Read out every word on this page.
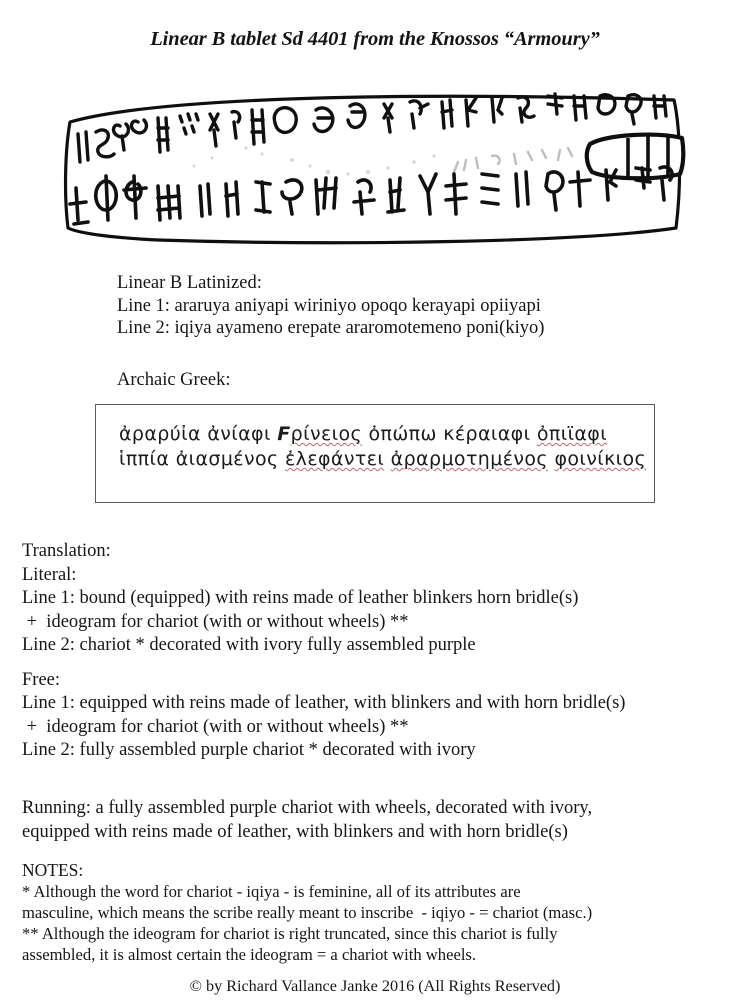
Linear B tablet Sd 4401 from the Knossos “Armoury”
Linear B Latinized:
Line 1: araruya aniyapi wiriniyo opoqo kerayapi opiiyapi
Line 2: iqiya ayameno erepate araromotemeno poni(kiyo)
Archaic Greek:
ἀραρύἰα ἀνίαφι Ϝρίνειος ὀπώπω κέραιαφι ὀπιϊαφι
ἱππία ἀιασμένος ἐλεφάντει ἀραρμοτημένος φοινίκιος
Translation:
Literal:
Line 1: bound (equipped) with reins made of leather blinkers horn bridle(s)
+  ideogram for chariot (with or without wheels) **
Line 2: chariot * decorated with ivory fully assembled purple
Free:
Line 1: equipped with reins made of leather, with blinkers and with horn bridle(s)
+  ideogram for chariot (with or without wheels) **
Line 2: fully assembled purple chariot * decorated with ivory
Running: a fully assembled purple chariot with wheels, decorated with ivory,
equipped with reins made of leather, with blinkers and with horn bridle(s)
NOTES:
* Although the word for chariot - iqiya - is feminine, all of its attributes are
masculine, which means the scribe really meant to inscribe  - iqiyo - = chariot (masc.)
** Although the ideogram for chariot is right truncated, since this chariot is fully
assembled, it is almost certain the ideogram = a chariot with wheels.
© by Richard Vallance Janke 2016 (All Rights Reserved)
